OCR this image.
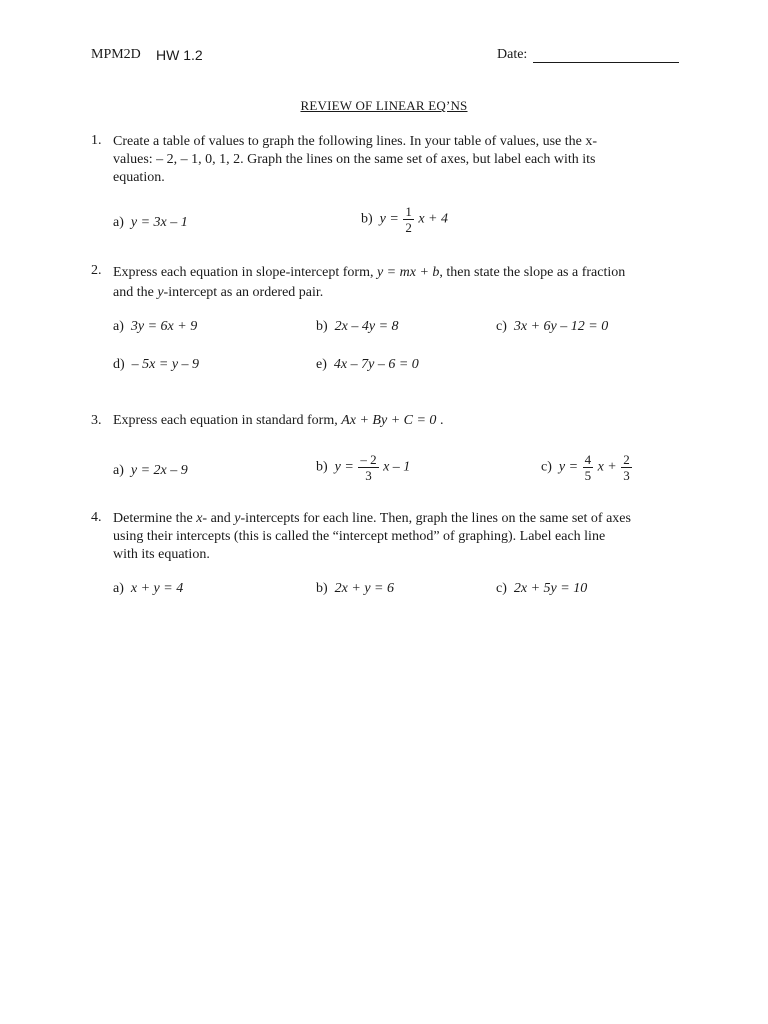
MPM2D HW 1.2	Date:
REVIEW OF LINEAR EQ’NS
1. Create a table of values to graph the following lines. In your table of values, use the x-
values: – 2, – 1, 0, 1, 2. Graph the lines on the same set of axes, but label each with its
equation.
a) y = 3x – 1	b) $y = \frac{1}{2}$ x + 4
2. Express each equation in slope-intercept form, y = mx + b, then state the slope as a fraction
and the y-intercept as an ordered pair.
a) 3y = 6x + 9	b) 2x – 4y = 8	c) 3x + 6y – 12 = 0
d) – 5x = y – 9	e) 4x – 7y – 6 = 0
3. Express each equation in standard form, Ax + By + C = 0 .
a) y = 2x – 9	b) $y = \frac{- 2}{3}$ x – 1	c) $y = \frac{4}{5}$ $x + \frac{2}{3}$
4. Determine the x- and y-intercepts for each line. Then, graph the lines on the same set of axes
using their intercepts (this is called the “intercept method” of graphing). Label each line
with its equation.
a) x + y = 4	b) 2x + y = 6	c) 2x + 5y = 10
